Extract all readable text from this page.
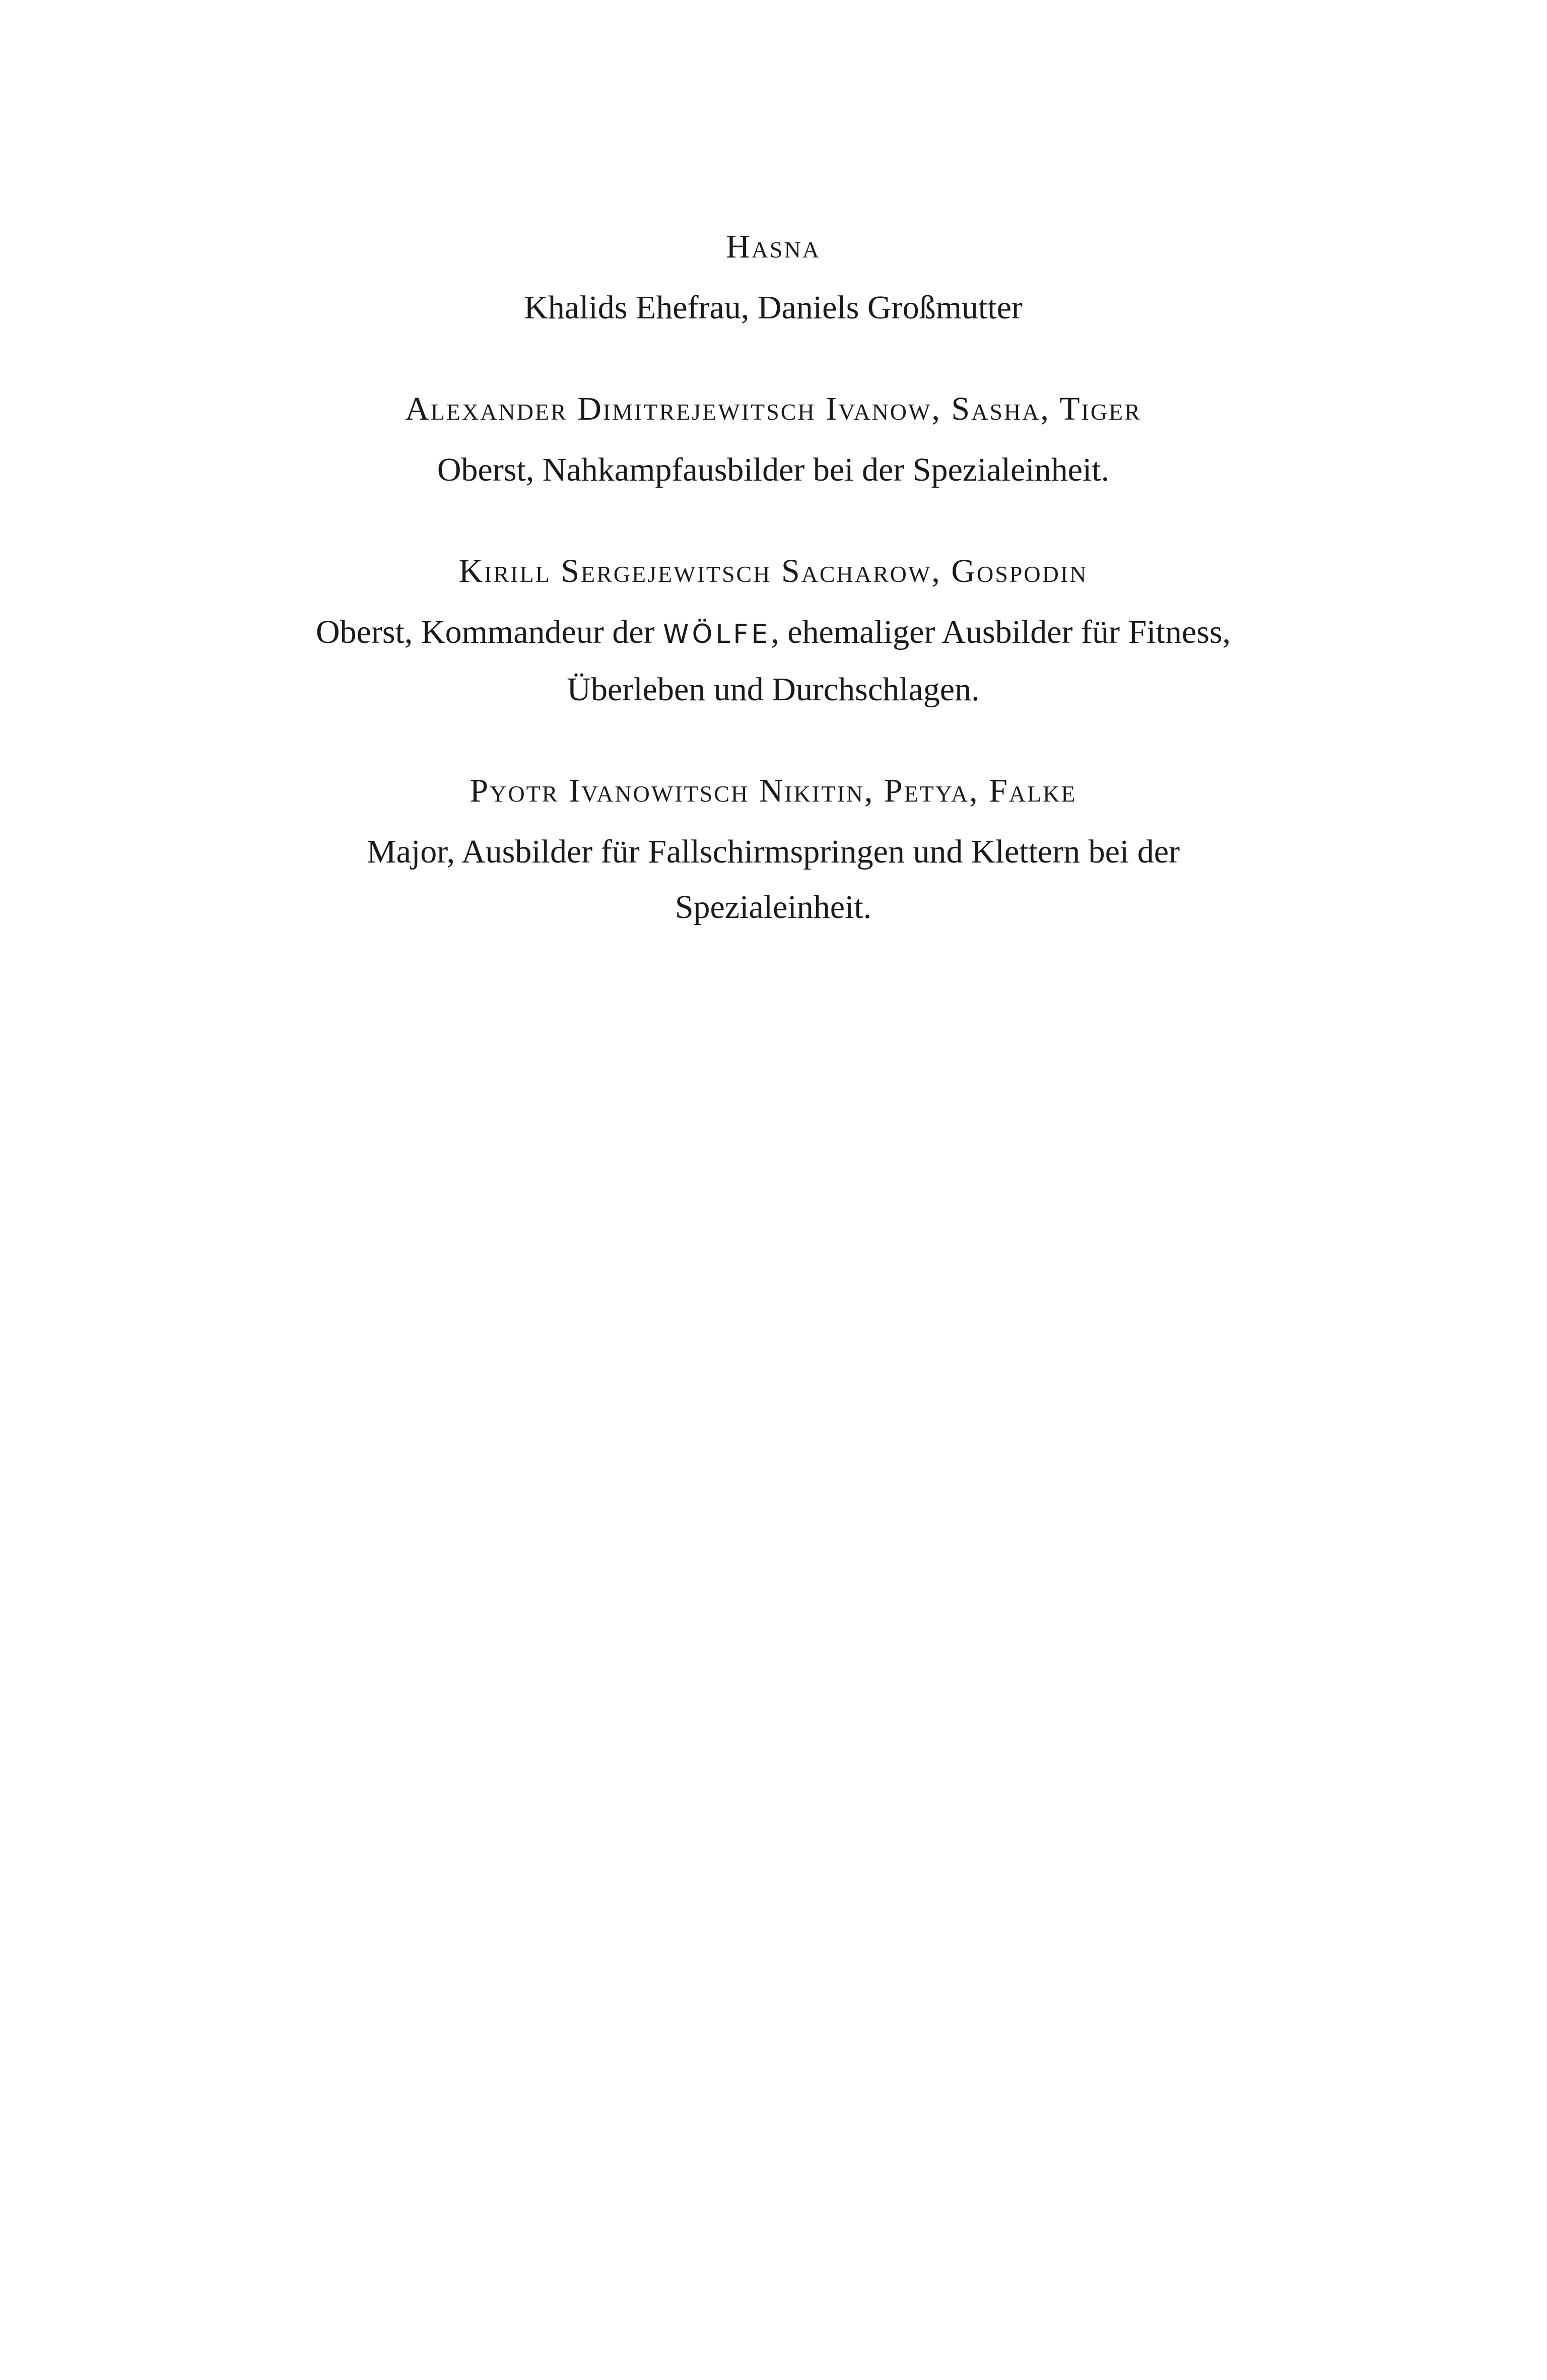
Hasna

Khalids Ehefrau, Daniels Großmutter

Alexander Dimitrejewitsch Ivanow, Sasha, Tiger

Oberst, Nahkampfausbilder bei der Spezialeinheit.

Kirill Sergejewitsch Sacharow, Gospodin

Oberst, Kommandeur der WÖLFE, ehemaliger Ausbilder für Fitness,
Überleben und Durchschlagen.

Pyotr Ivanowitsch Nikitin, Petya, Falke

Major, Ausbilder für Fallschirmspringen und Klettern bei der
Spezialeinheit.
